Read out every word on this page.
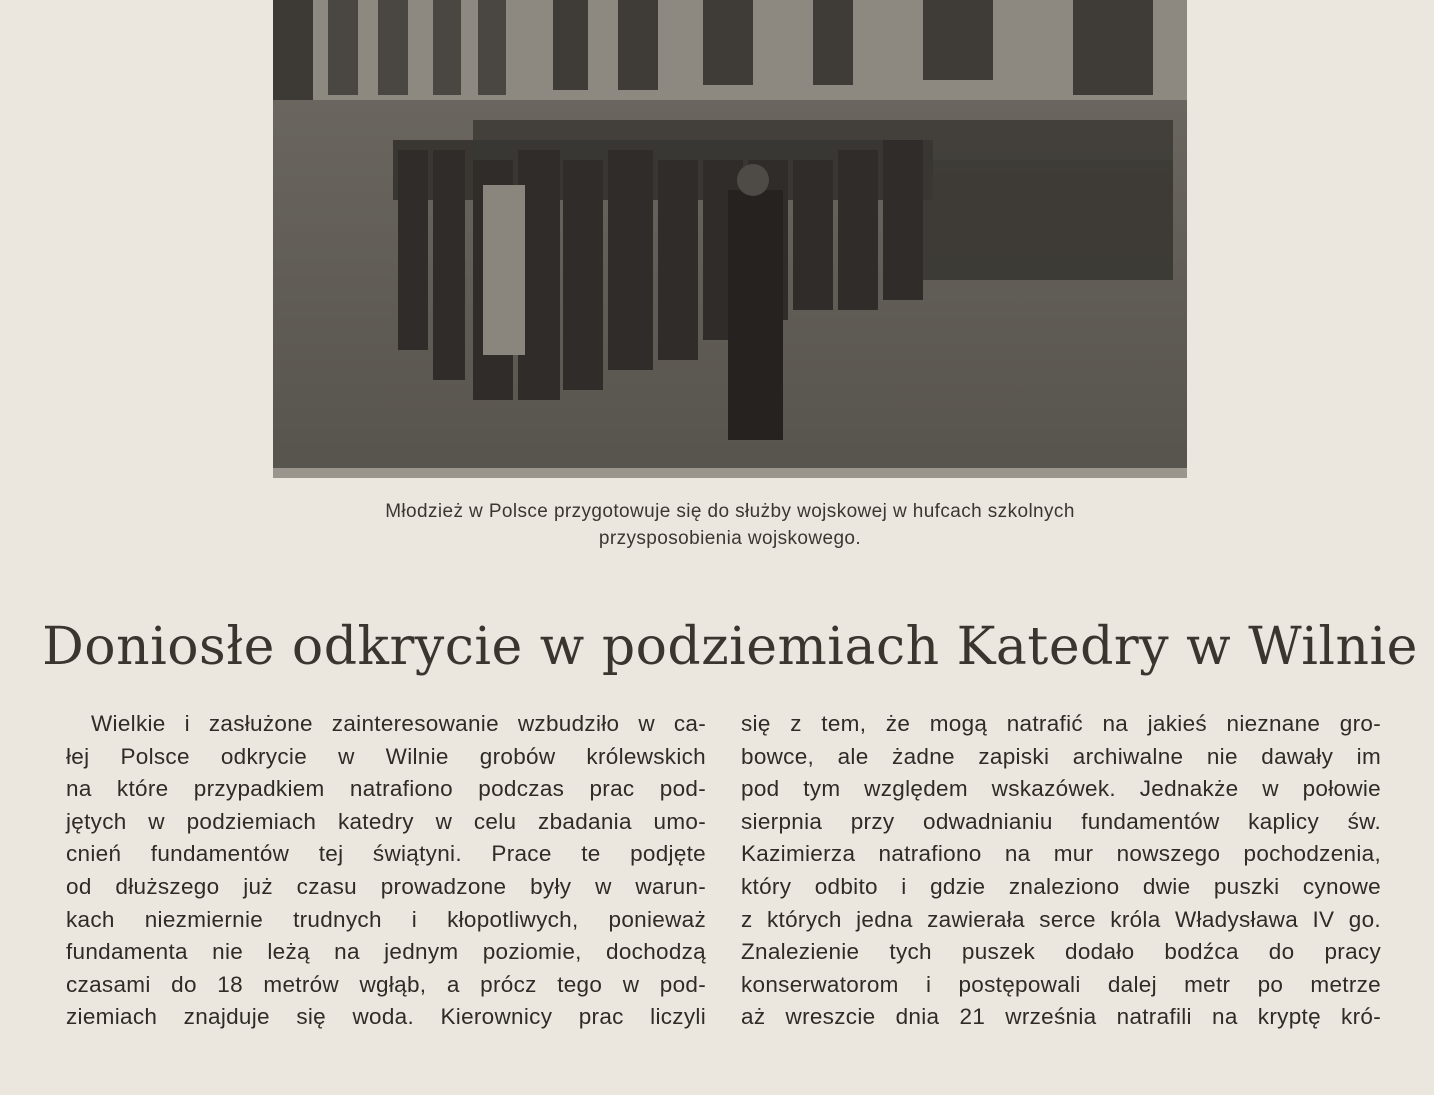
Młodzież w Polsce przygotowuje się do służby wojskowej w hufcach szkolnych
przysposobienia wojskowego.
Doniosłe odkrycie w podziemiach Katedry w Wilnie
Wielkie i zasłużone zainteresowanie wzbudziło w ca-
łej Polsce odkrycie w Wilnie grobów królewskich
na które przypadkiem natrafiono podczas prac pod-
jętych w podziemiach katedry w celu zbadania umo-
cnień fundamentów tej świątyni. Prace te podjęte
od dłuższego już czasu prowadzone były w warun-
kach niezmiernie trudnych i kłopotliwych, ponieważ
fundamenta nie leżą na jednym poziomie, dochodzą
czasami do 18 metrów wgłąb, a prócz tego w pod-
ziemiach znajduje się woda. Kierownicy prac liczyli
się z tem, że mogą natrafić na jakieś nieznane gro-
bowce, ale żadne zapiski archiwalne nie dawały im
pod tym względem wskazówek. Jednakże w połowie
sierpnia przy odwadnianiu fundamentów kaplicy św.
Kazimierza natrafiono na mur nowszego pochodzenia,
który odbito i gdzie znaleziono dwie puszki cynowe
z których jedna zawierała serce króla Władysława IV go.
Znalezienie tych puszek dodało bodźca do pracy
konserwatorom i postępowali dalej metr po metrze
aż wreszcie dnia 21 września natrafili na kryptę kró-
